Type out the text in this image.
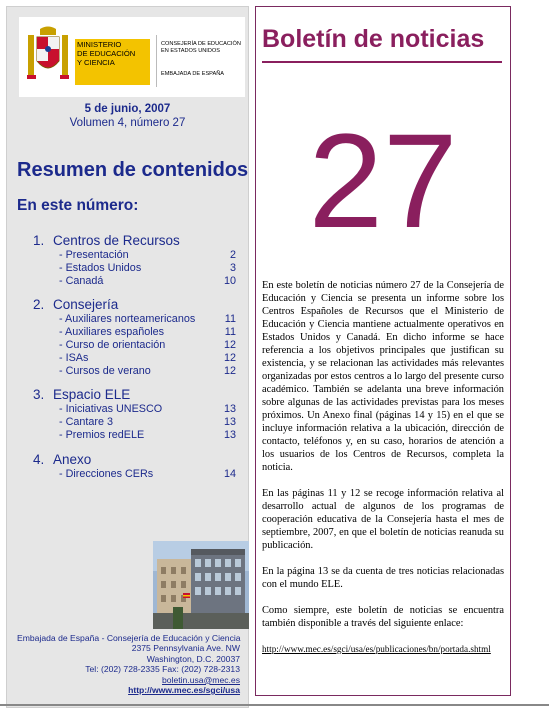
MINISTERIO
DE EDUCACIÓN
Y CIENCIA
CONSEJERÍA DE EDUCACIÓN
EN ESTADOS UNIDOS
EMBAJADA DE ESPAÑA
5 de junio, 2007
Volumen 4, número 27
Resumen de contenidos
En este número:
1. Centros de Recursos
- Presentación	2
- Estados Unidos	3
- Canadá	10
2. Consejería
- Auxiliares norteamericanos	11
- Auxiliares españoles	11
- Curso de orientación	12
- ISAs	12
- Cursos de verano	12
3. Espacio ELE
- Iniciativas UNESCO	13
- Cantare 3	13
- Premios redELE	13
4. Anexo
- Direcciones CERs	14
Embajada de España - Consejería de Educación y Ciencia
2375 Pennsylvania Ave. NW
Washington, D.C. 20037
Tel: (202) 728-2335 Fax: (202) 728-2313
boletin.usa@mec.es
http://www.mec.es/sgci/usa
Boletín de noticias
27

En este boletín de noticias número 27 de la Consejería de Educación y Ciencia se presenta un informe sobre los Centros Españoles de Recursos que el Ministerio de Educación y Ciencia mantiene actualmente operativos en Estados Unidos y Canadá. En dicho informe se hace referencia a los objetivos principales que justifican su existencia, y se relacionan las actividades más relevantes organizadas por estos centros a lo largo del presente curso académico. También se adelanta una breve información sobre algunas de las actividades previstas para los meses próximos. Un Anexo final (páginas 14 y 15) en el que se incluye información relativa a la ubicación, dirección de contacto, teléfonos y, en su caso, horarios de atención a los usuarios de los Centros de Recursos, completa la noticia.

En las páginas 11 y 12 se recoge información relativa al desarrollo actual de algunos de los programas de cooperación educativa de la Consejería hasta el mes de septiembre, 2007, en que el boletín de noticias reanuda su publicación.

En la página 13 se da cuenta de tres noticias relacionadas con el mundo ELE.

Como siempre, este boletín de noticias se encuentra también disponible a través del siguiente enlace:

http://www.mec.es/sgci/usa/es/publicaciones/bn/portada.shtml
